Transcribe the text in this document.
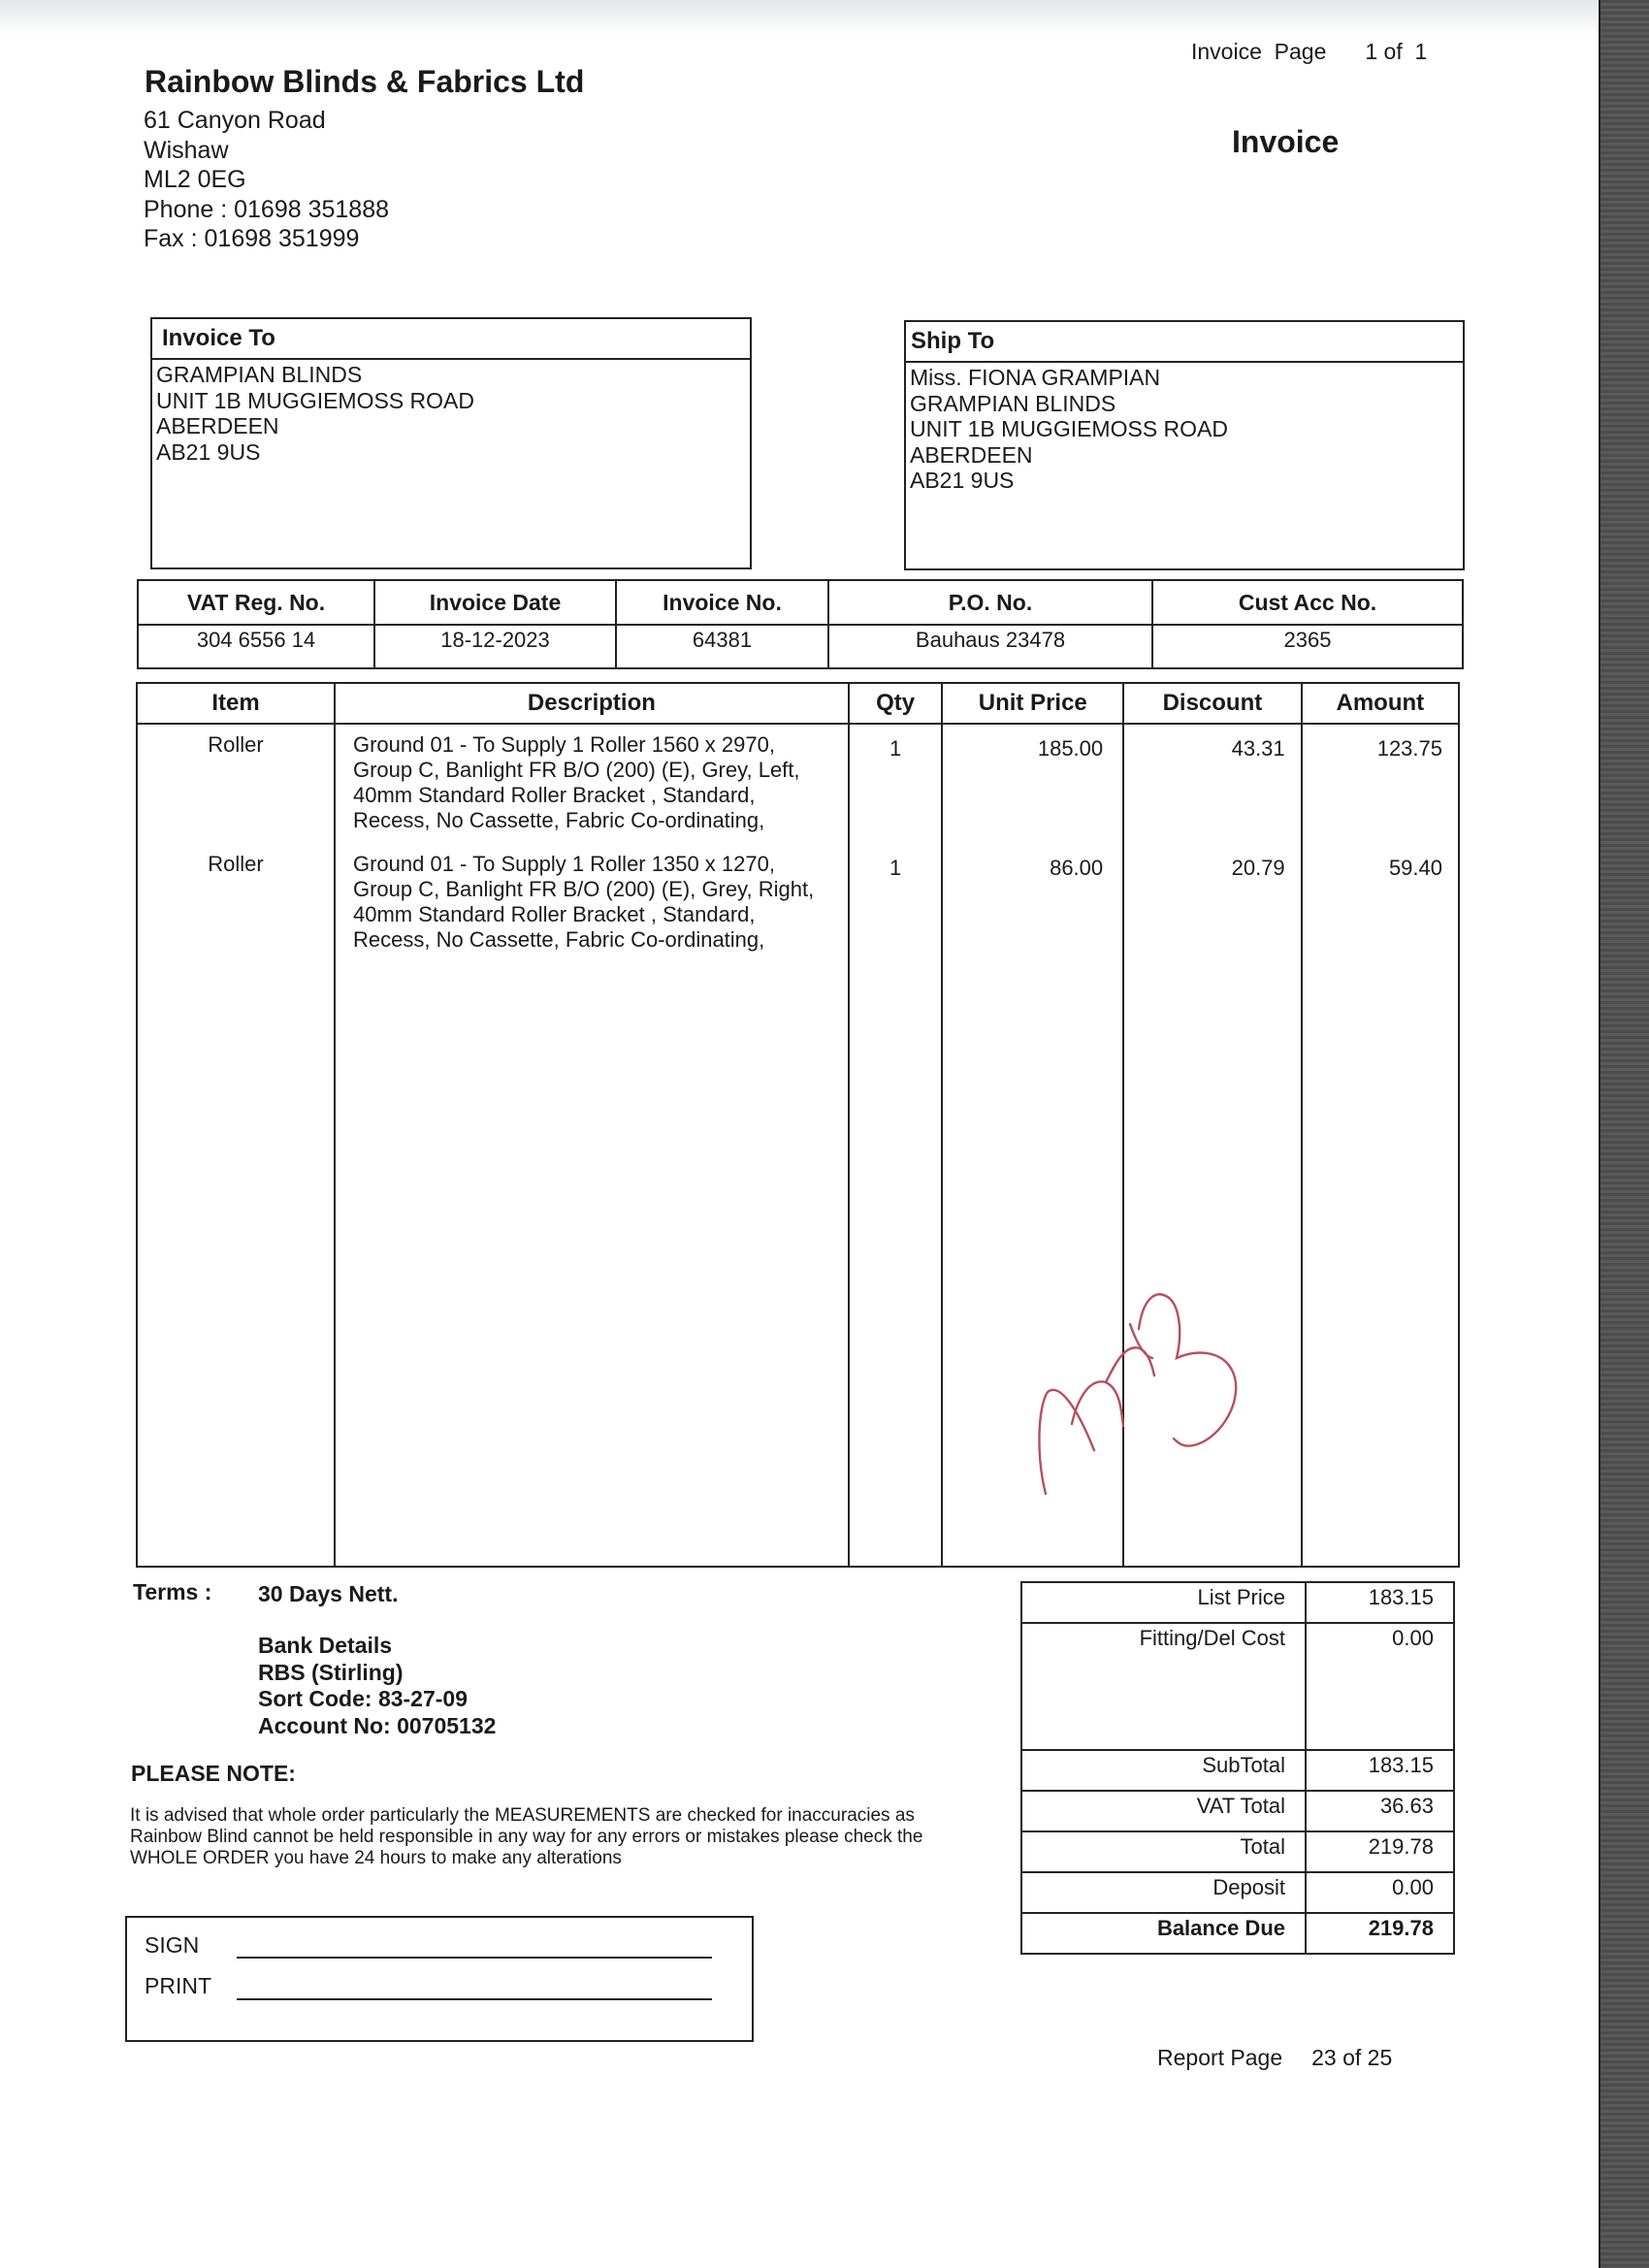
Rainbow Blinds & Fabrics Ltd
61 Canyon Road
Wishaw
ML2 0EG
Phone : 01698 351888
Fax : 01698 351999
Invoice  Page 1 of  1
Invoice
Invoice To
GRAMPIAN BLINDS
UNIT 1B MUGGIEMOSS ROAD
ABERDEEN
AB21 9US
Ship To
Miss. FIONA GRAMPIAN
GRAMPIAN BLINDS
UNIT 1B MUGGIEMOSS ROAD
ABERDEEN
AB21 9US
VAT Reg. No.	Invoice Date	Invoice No.	P.O. No.	Cust Acc No.
304 6556 14	18-12-2023	64381	Bauhaus 23478	2365
Item	Description	Qty	Unit Price	Discount	Amount
Roller	Ground 01 - To Supply 1 Roller 1560 x 2970, Group C, Banlight FR B/O (200) (E), Grey, Left, 40mm Standard Roller Bracket , Standard, Recess, No Cassette, Fabric Co-ordinating,	1	185.00	43.31	123.75
Roller	Ground 01 - To Supply 1 Roller 1350 x 1270, Group C, Banlight FR B/O (200) (E), Grey, Right, 40mm Standard Roller Bracket , Standard, Recess, No Cassette, Fabric Co-ordinating,	1	86.00	20.79	59.40
Terms : 30 Days Nett.
Bank Details
RBS (Stirling)
Sort Code: 83-27-09
Account No: 00705132
PLEASE NOTE:
It is advised that whole order particularly the MEASUREMENTS are checked for inaccuracies as Rainbow Blind cannot be held responsible in any way for any errors or mistakes please check the WHOLE ORDER you have 24 hours to make any alterations
SIGN
PRINT
List Price	183.15
Fitting/Del Cost	0.00
SubTotal	183.15
VAT Total	36.63
Total	219.78
Deposit	0.00
Balance Due	219.78
Report Page 23 of 25
